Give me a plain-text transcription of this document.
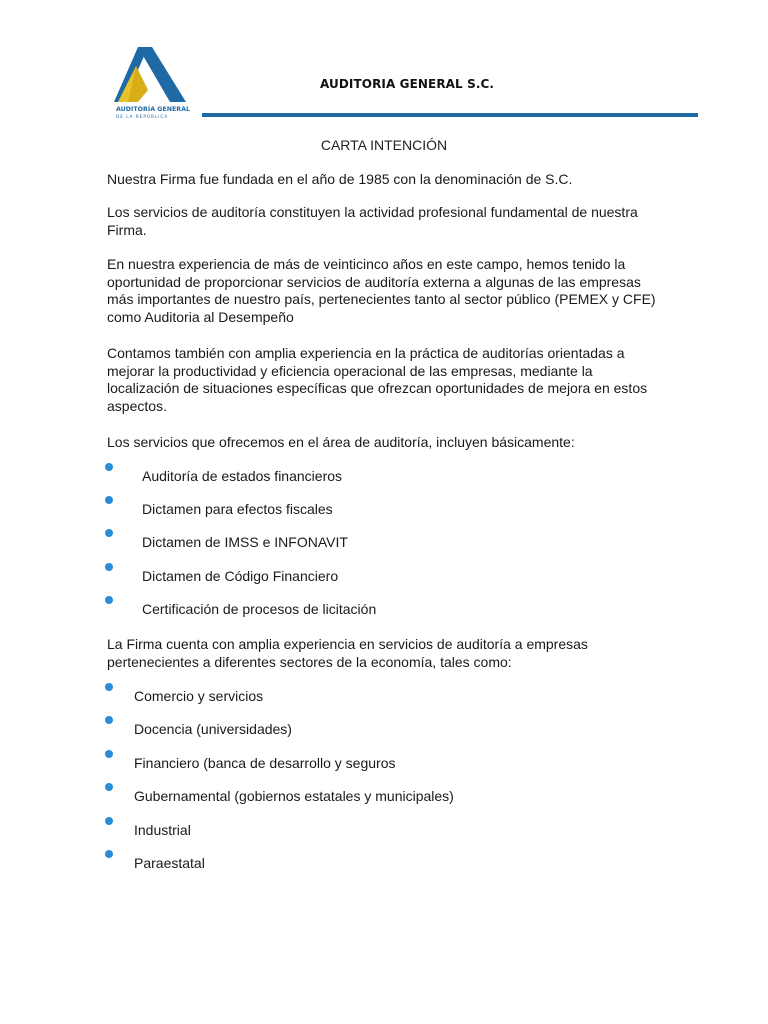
AUDITORÍA GENERAL
DE LA REPÚBLICA
AUDITORIA GENERAL S.C.
CARTA INTENCIÓN

Nuestra Firma fue fundada en el año de 1985 con la denominación de S.C.

Los servicios de auditoría constituyen la actividad profesional fundamental de nuestra Firma.

En nuestra experiencia de más de veinticinco años en este campo, hemos tenido la oportunidad de proporcionar servicios de auditoría externa a algunas de las empresas más importantes de nuestro país, pertenecientes tanto al sector público (PEMEX y CFE) como Auditoria al Desempeño

Contamos también con amplia experiencia en la práctica de auditorías orientadas a mejorar la productividad y eficiencia operacional de las empresas, mediante la localización de situaciones específicas que ofrezcan oportunidades de mejora en estos aspectos.

Los servicios que ofrecemos en el área de auditoría, incluyen básicamente:

Auditoría de estados financieros
Dictamen para efectos fiscales
Dictamen de IMSS e INFONAVIT
Dictamen de Código Financiero
Certificación de procesos de licitación

La Firma cuenta con amplia experiencia en servicios de auditoría a empresas pertenecientes a diferentes sectores de la economía, tales como:

Comercio y servicios
Docencia (universidades)
Financiero (banca de desarrollo y seguros
Gubernamental (gobiernos estatales y municipales)
Industrial
Paraestatal
